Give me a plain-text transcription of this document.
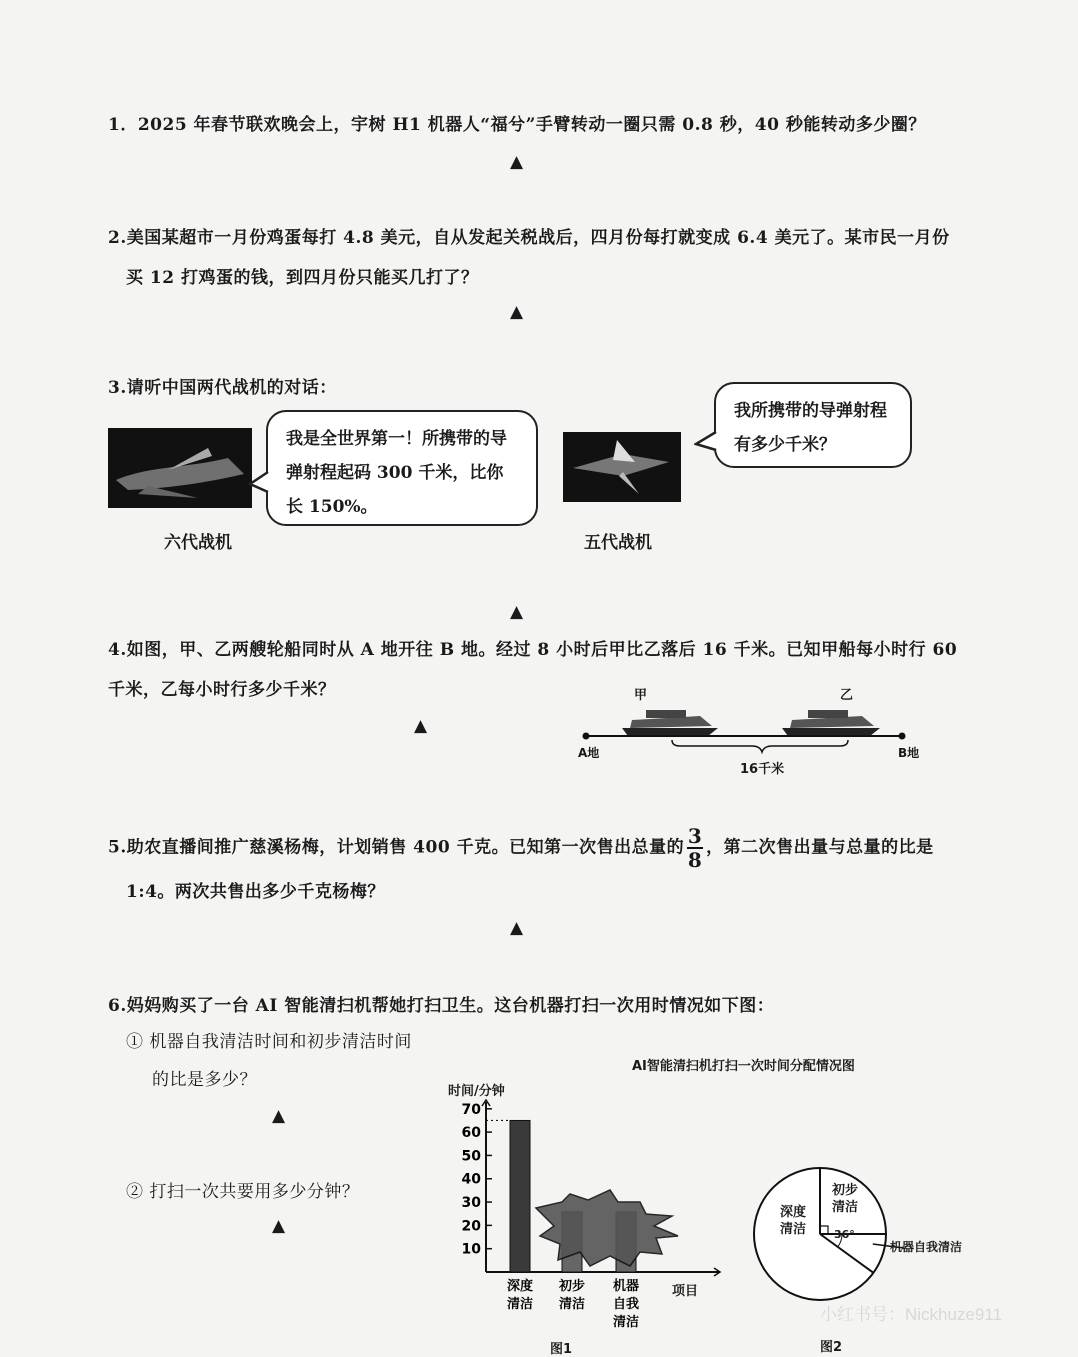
1．2025 年春节联欢晚会上，宇树 H1 机器人“福兮”手臂转动一圈只需 0.8 秒，40 秒能转动多少圈？
▲
2.美国某超市一月份鸡蛋每打 4.8 美元，自从发起关税战后，四月份每打就变成 6.4 美元了。某市民一月份
买 12 打鸡蛋的钱，到四月份只能买几打了？
▲
3.请听中国两代战机的对话：
我是全世界第一！所携带的导弹射程起码 300 千米，比你长 150%。
六代战机
我所携带的导弹射程有多少千米？
五代战机
▲
4.如图，甲、乙两艘轮船同时从 A 地开往 B 地。经过 8 小时后甲比乙落后 16 千米。已知甲船每小时行 60
千米，乙每小时行多少千米？
▲
甲	乙
A地	B地
16千米
5.助农直播间推广慈溪杨梅，计划销售 400 千克。已知第一次售出总量的 $\frac{3}{8}$ ，第二次售出量与总量的比是
1:4。两次共售出多少千克杨梅？
▲
6.妈妈购买了一台 AI 智能清扫机帮她打扫卫生。这台机器打扫一次用时情况如下图：
① 机器自我清洁时间和初步清洁时间
的比是多少？
▲
② 打扫一次共要用多少分钟？
▲
AI智能清扫机打扫一次时间分配情况图
时间/分钟
10
20
30
40
50
60
70
深度
清洁
初步
清洁
机器
自我
清洁
项目
图1
深度清洁
初步清洁
36°
机器自我清洁
图2
小红书号：Nickhuze911
